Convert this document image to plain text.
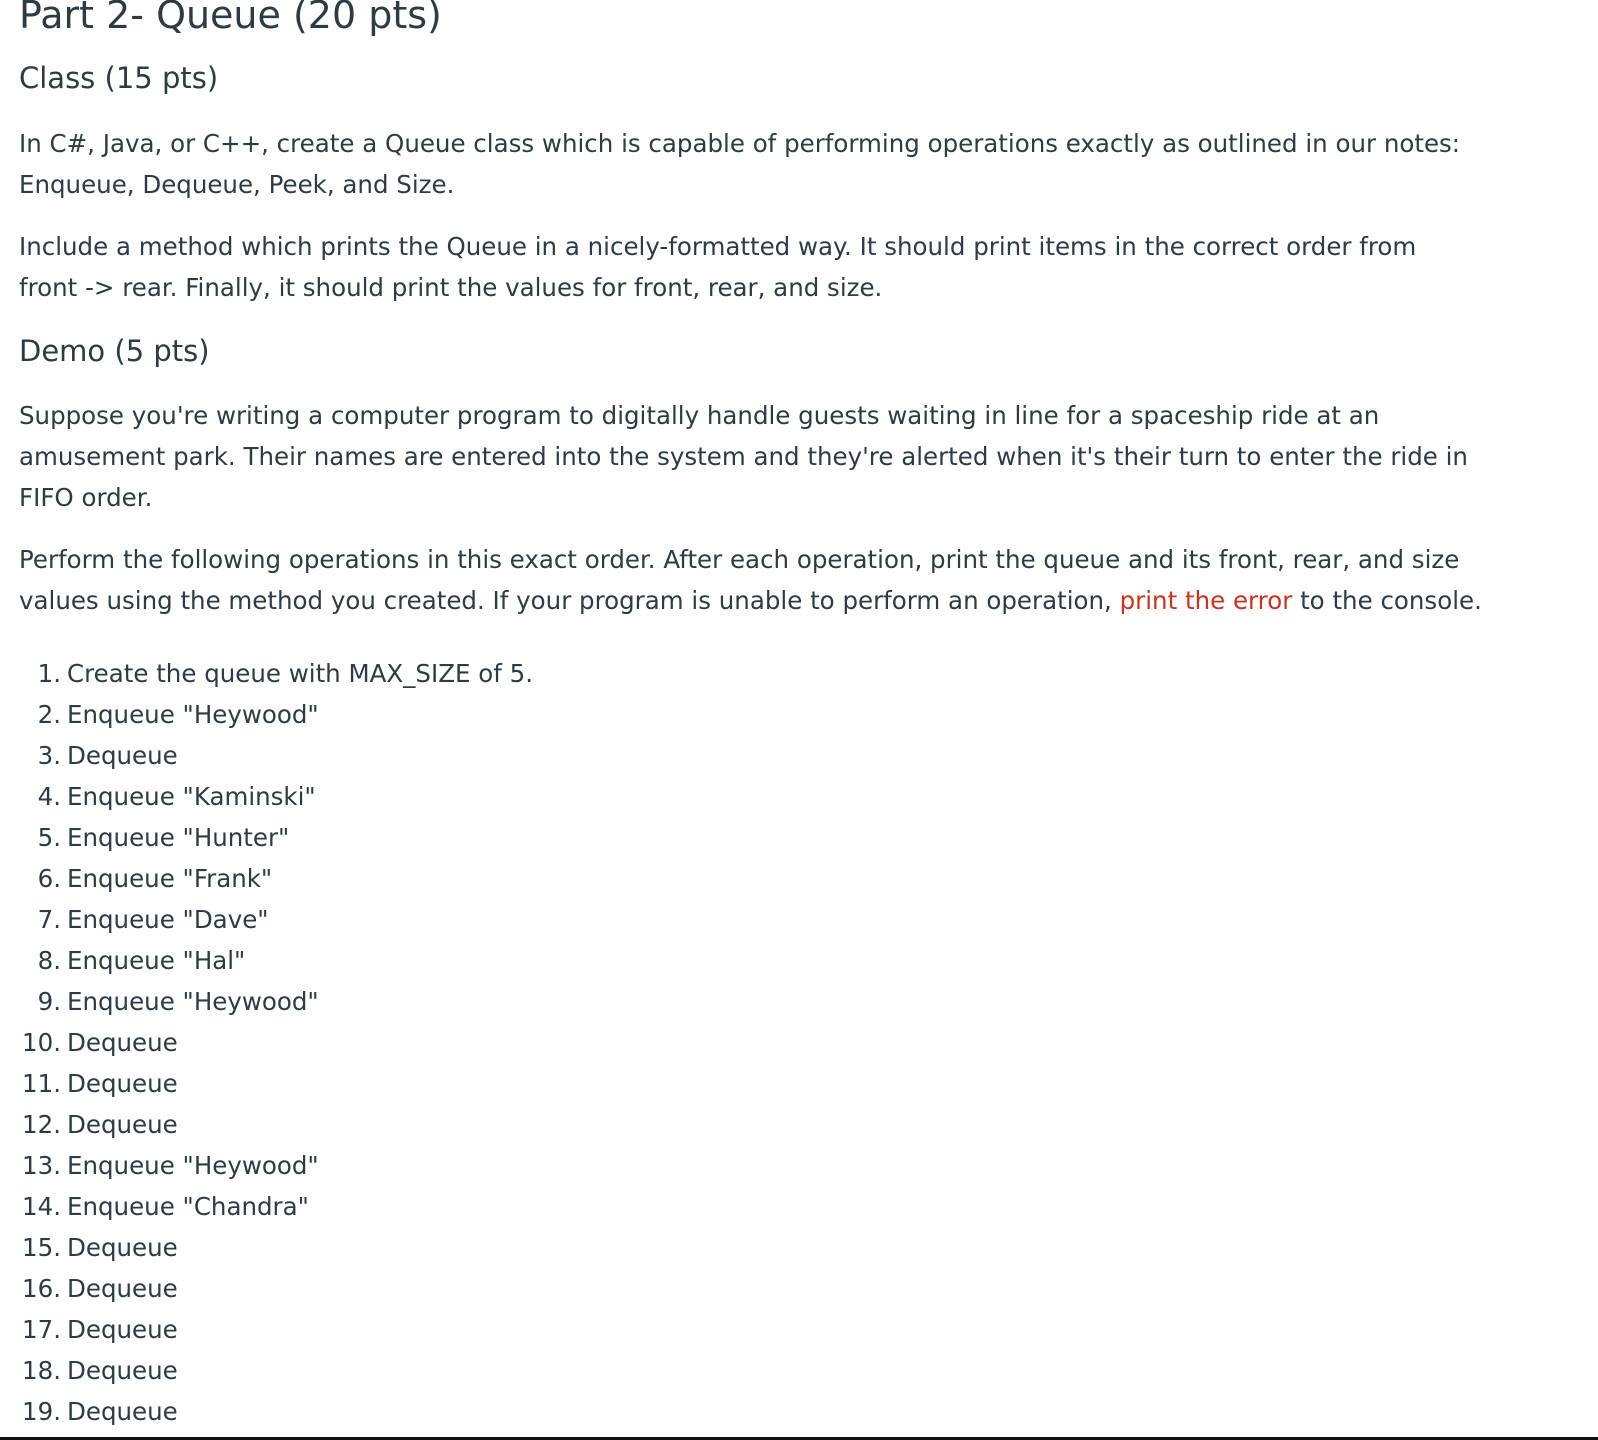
Part 2- Queue (20 pts)
Class (15 pts)

In C#, Java, or C++, create a Queue class which is capable of performing operations exactly as outlined in our notes:
Enqueue, Dequeue, Peek, and Size.

Include a method which prints the Queue in a nicely-formatted way. It should print items in the correct order from
front -> rear. Finally, it should print the values for front, rear, and size.

Demo (5 pts)

Suppose you're writing a computer program to digitally handle guests waiting in line for a spaceship ride at an
amusement park. Their names are entered into the system and they're alerted when it's their turn to enter the ride in
FIFO order.

Perform the following operations in this exact order. After each operation, print the queue and its front, rear, and size
values using the method you created. If your program is unable to perform an operation, print the error to the console.

1. Create the queue with MAX_SIZE of 5.
2. Enqueue "Heywood"
3. Dequeue
4. Enqueue "Kaminski"
5. Enqueue "Hunter"
6. Enqueue "Frank"
7. Enqueue "Dave"
8. Enqueue "Hal"
9. Enqueue "Heywood"
10. Dequeue
11. Dequeue
12. Dequeue
13. Enqueue "Heywood"
14. Enqueue "Chandra"
15. Dequeue
16. Dequeue
17. Dequeue
18. Dequeue
19. Dequeue
